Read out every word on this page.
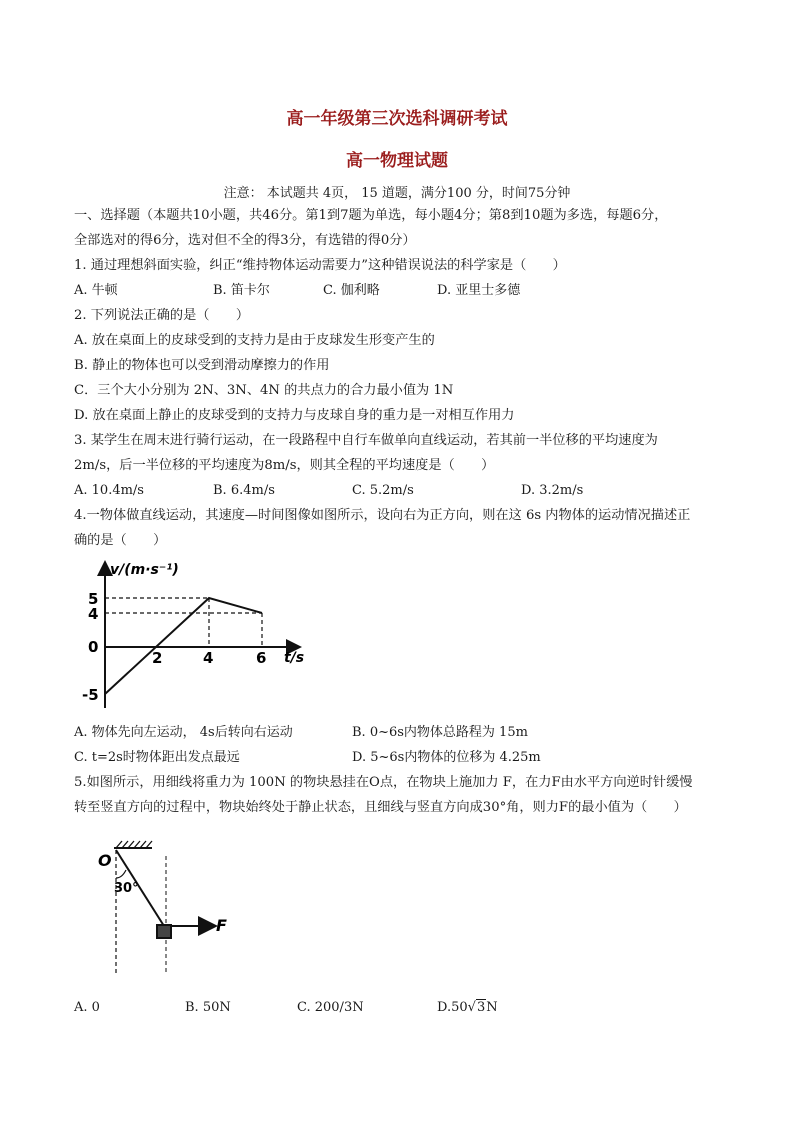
高一年级第三次选科调研考试
高一物理试题
注意： 本试题共 4页， 15 道题，满分100 分，时间75分钟
一、选择题（本题共10小题，共46分。第1到7题为单选，每小题4分；第8到10题为多选，每题6分，
全部选对的得6分，选对但不全的得3分，有选错的得0分）
1. 通过理想斜面实验，纠正“维持物体运动需要力”这种错误说法的科学家是（　　）
A. 牛顿	B. 笛卡尔	C. 伽利略	D. 亚里士多德
2. 下列说法正确的是（　　）
A. 放在桌面上的皮球受到的支持力是由于皮球发生形变产生的
B. 静止的物体也可以受到滑动摩擦力的作用
C．三个大小分别为 2N、3N、4N 的共点力的合力最小值为 1N
D. 放在桌面上静止的皮球受到的支持力与皮球自身的重力是一对相互作用力
3. 某学生在周末进行骑行运动，在一段路程中自行车做单向直线运动，若其前一半位移的平均速度为
2m/s，后一半位移的平均速度为8m/s，则其全程的平均速度是（　　）
A. 10.4m/s	B. 6.4m/s	C. 5.2m/s	D. 3.2m/s
4.一物体做直线运动，其速度—时间图像如图所示，设向右为正方向，则在这 6s 内物体的运动情况描述正
确的是（　　）
v/(m·s⁻¹)
t/s
0
5
4
-5
2	4	6
A. 物体先向左运动， 4s后转向右运动	B. 0~6s内物体总路程为 15m
C. t=2s时物体距出发点最远	D. 5~6s内物体的位移为 4.25m
5.如图所示，用细线将重力为 100N 的物块悬挂在O点，在物块上施加力 F，在力F由水平方向逆时针缓慢
转至竖直方向的过程中，物块始终处于静止状态，且细线与竖直方向成30°角，则力F的最小值为（　　）
O
30°
F
A. 0	B. 50N	C. 200/3N	D.50√3N
